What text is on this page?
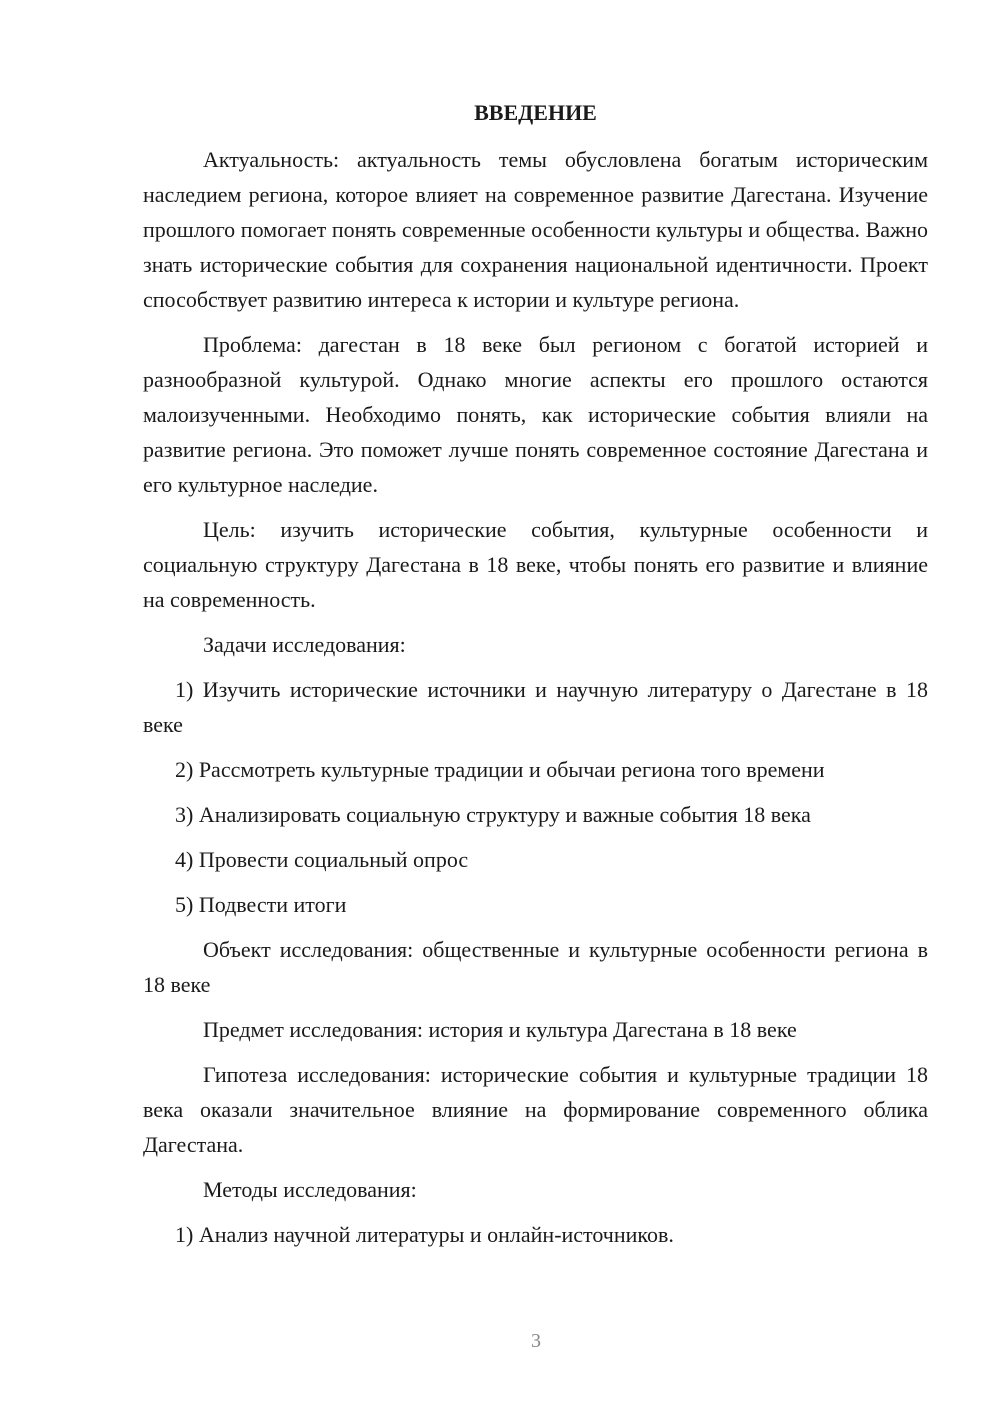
ВВЕДЕНИЕ

Актуальность: актуальность темы обусловлена богатым историческим наследием региона, которое влияет на современное развитие Дагестана. Изучение прошлого помогает понять современные особенности культуры и общества. Важно знать исторические события для сохранения национальной идентичности. Проект способствует развитию интереса к истории и культуре региона.

Проблема: дагестан в 18 веке был регионом с богатой историей и разнообразной культурой. Однако многие аспекты его прошлого остаются малоизученными. Необходимо понять, как исторические события влияли на развитие региона. Это поможет лучше понять современное состояние Дагестана и его культурное наследие.

Цель: изучить исторические события, культурные особенности и социальную структуру Дагестана в 18 веке, чтобы понять его развитие и влияние на современность.

Задачи исследования:

1) Изучить исторические источники и научную литературу о Дагестане в 18 веке

2) Рассмотреть культурные традиции и обычаи региона того времени

3) Анализировать социальную структуру и важные события 18 века

4) Провести социальный опрос

5) Подвести итоги

Объект исследования: общественные и культурные особенности региона в 18 веке

Предмет исследования: история и культура Дагестана в 18 веке

Гипотеза исследования: исторические события и культурные традиции 18 века оказали значительное влияние на формирование современного облика Дагестана.

Методы исследования:

1) Анализ научной литературы и онлайн-источников.

3
